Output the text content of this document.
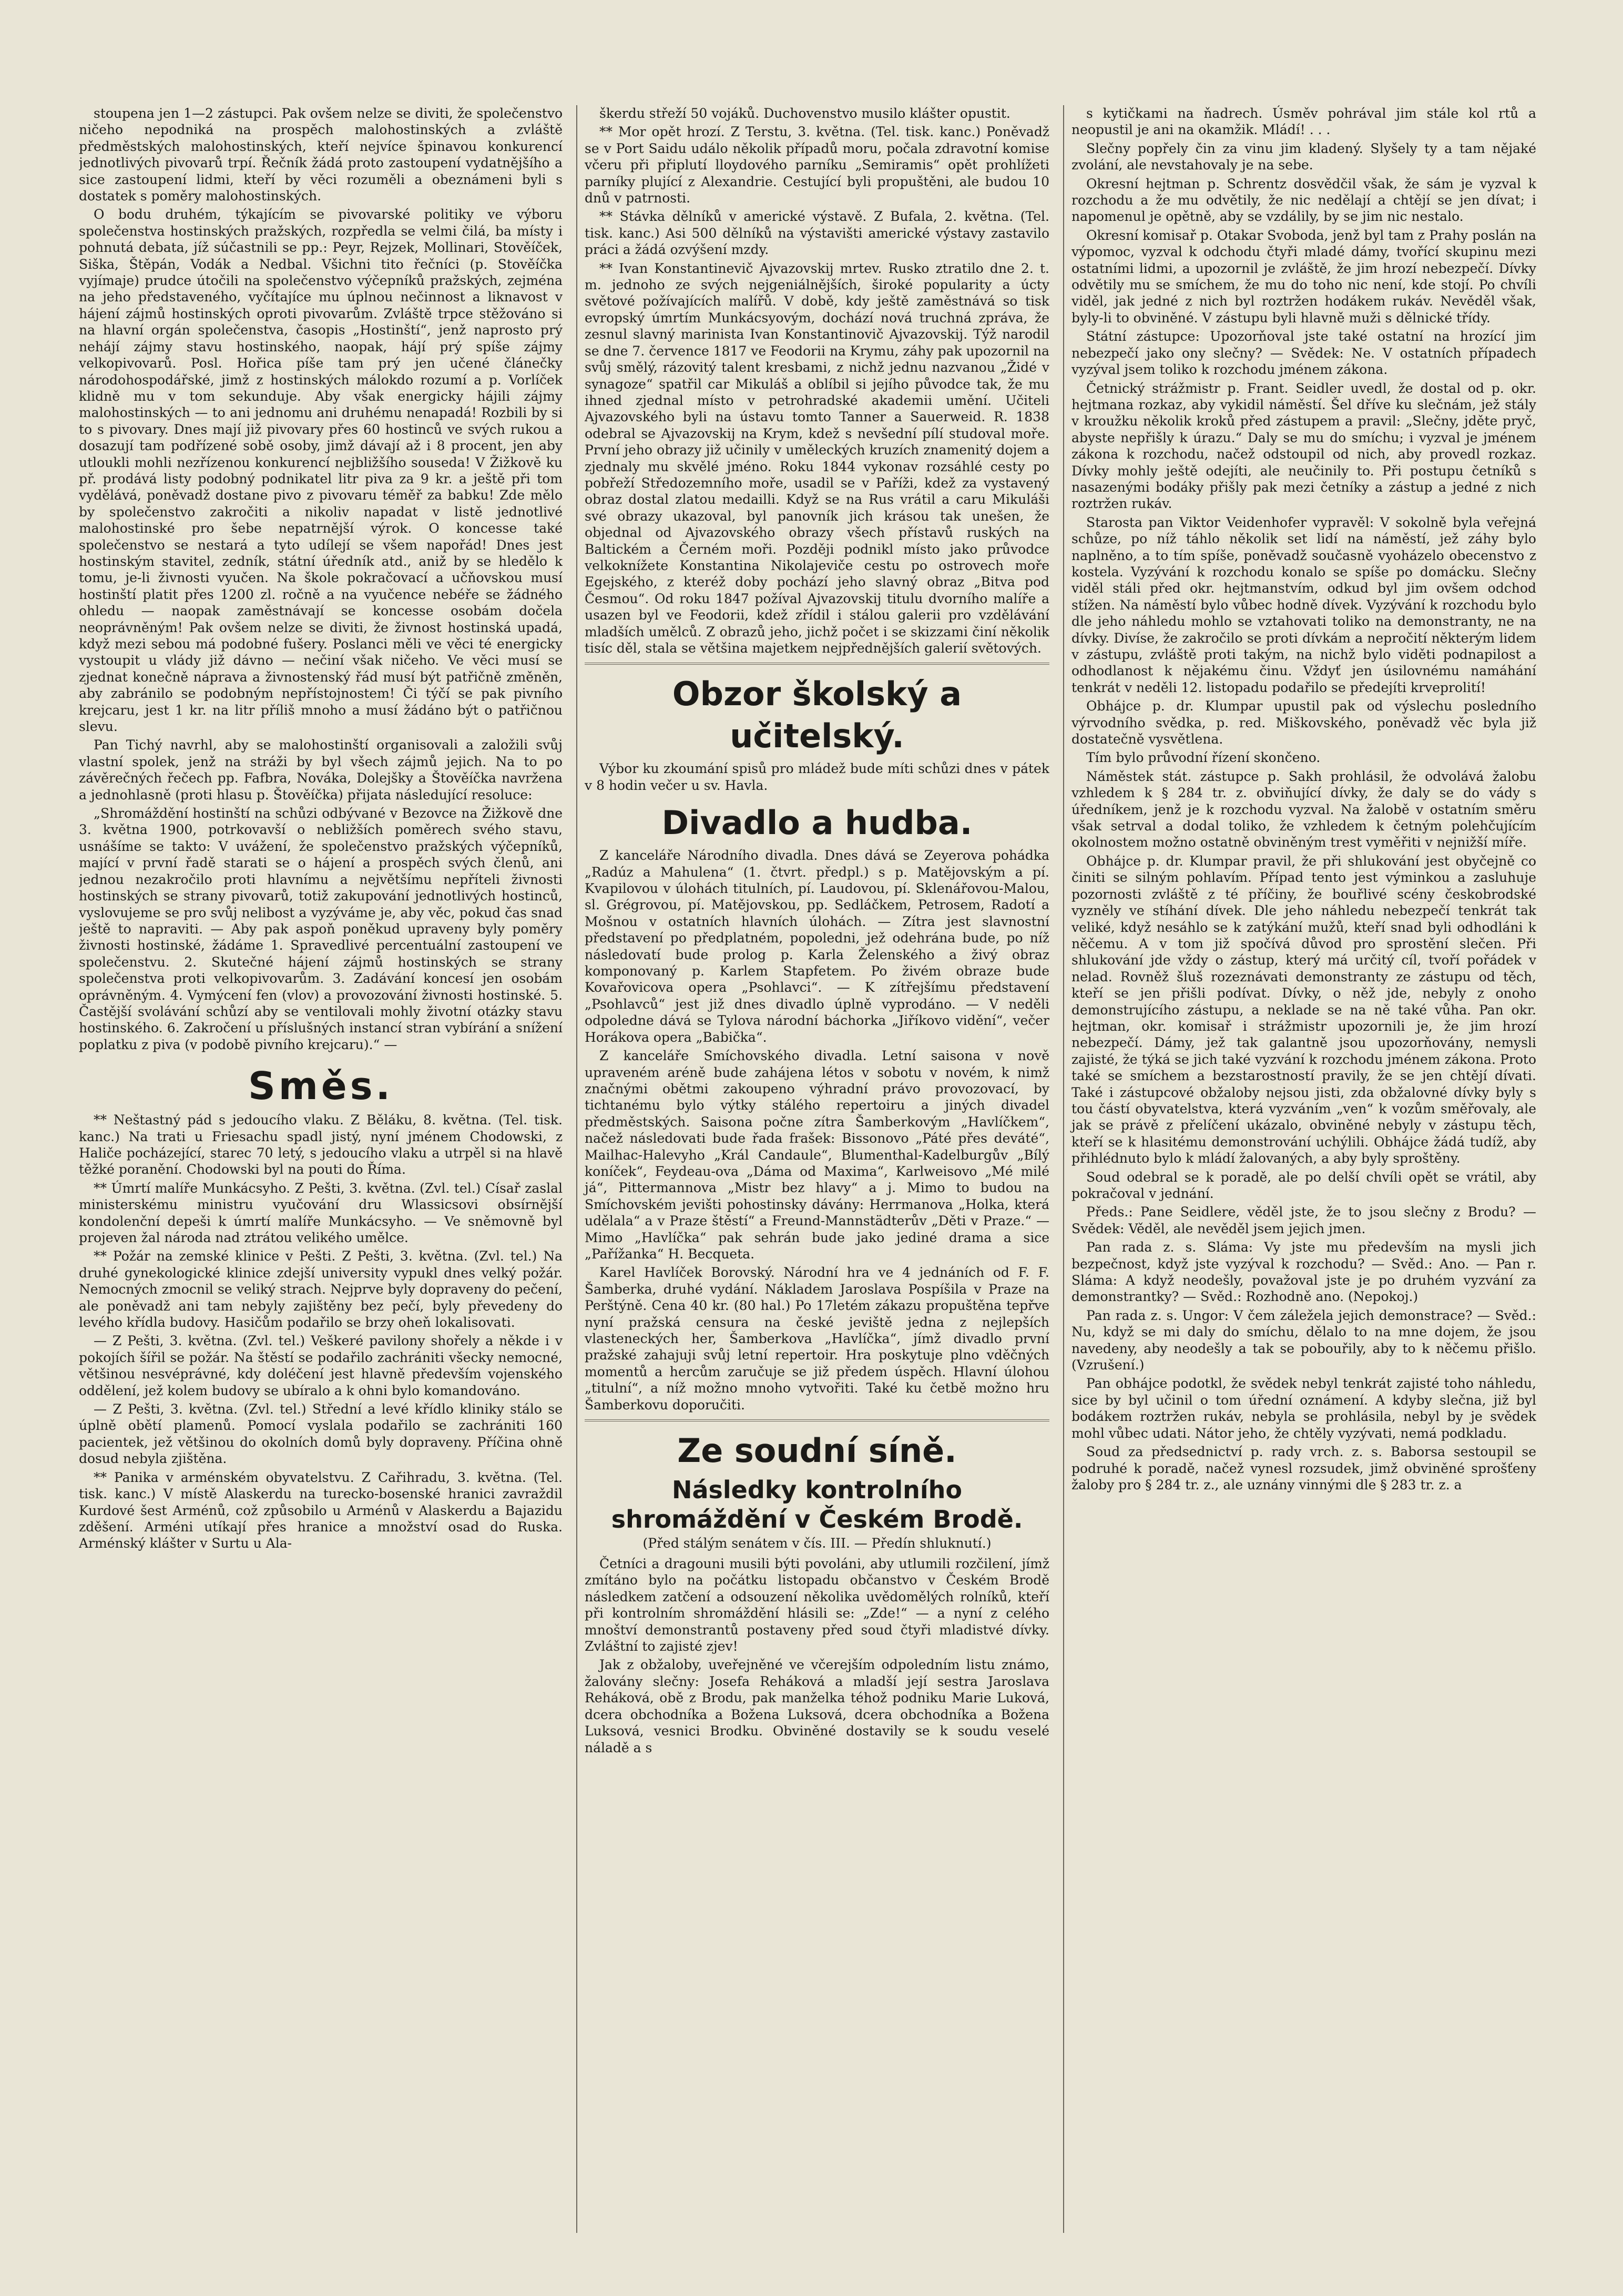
stoupena jen 1—2 zástupci. Pak ovšem nelze se diviti, že společenstvo ničeho nepodniká na prospěch malohostinských a zvláště předměstských malohostinských, kteří nejvíce špinavou konkurencí jednotlivých pivovarů trpí. Řečník žádá proto zastoupení vydatnějšího a sice zastoupení lidmi, kteří by věci rozuměli a obeznámeni byli s dostatek s poměry malohostinských.

O bodu druhém, týkajícím se pivovarské politiky ve výboru společenstva hostinských pražských, rozpředla se velmi čilá, ba místy i pohnutá debata, jíž súčastnili se pp.: Peyr, Rejzek, Mollinari, Stověíček, Siška, Štěpán, Vodák a Nedbal. Všichni tito řečníci (p. Stověíčka vyjímaje) prudce útočili na společenstvo výčepníků pražských, zejména na jeho představeného, vyčítajíce mu úplnou nečinnost a liknavost v hájení zájmů hostinských oproti pivovarům. Zvláště trpce stěžováno si na hlavní orgán společenstva, časopis „Hostinští“, jenž naprosto prý nehájí zájmy stavu hostinského, naopak, hájí prý spíše zájmy velkopivovarů. Posl. Hořica píše tam prý jen učené článečky národohospodářské, jimž z hostinských málokdo rozumí a p. Vorlíček klidně mu v tom sekunduje. Aby však energicky hájili zájmy malohostinských — to ani jednomu ani druhému nenapadá! Rozbili by si to s pivovary. Dnes mají již pivovary přes 60 hostinců ve svých rukou a dosazují tam podřízené sobě osoby, jimž dávají až i 8 procent, jen aby utloukli mohli nezřízenou konkurencí nejbližšího souseda! V Žižkově ku př. prodává listy podobný podnikatel litr piva za 9 kr. a ještě při tom vydělává, poněvadž dostane pivo z pivovaru téměř za babku! Zde mělo by společenstvo zakročiti a nikoliv napadat v listě jednotlivé malohostinské pro šebe nepatrnější výrok. O koncesse také společenstvo se nestará a tyto udílejí se všem napořád! Dnes jest hostinským stavitel, zedník, státní úředník atd., aniž by se hledělo k tomu, je-li živnosti vyučen. Na škole pokračovací a učňovskou musí hostinští platit přes 1200 zl. ročně a na vyučence nebéře se žádného ohledu — naopak zaměstnávají se koncesse osobám dočela neoprávněným! Pak ovšem nelze se diviti, že živnost hostinská upadá, když mezi sebou má podobné fušery. Poslanci měli ve věci té energicky vystoupit u vlády již dávno — nečiní však ničeho. Ve věci musí se zjednat konečně náprava a živnostenský řád musí být patřičně změněn, aby zabránilo se podobným nepřístojnostem! Či týčí se pak pivního krejcaru, jest 1 kr. na litr příliš mnoho a musí žádáno být o patřičnou slevu.

Pan Tichý navrhl, aby se malohostinští organisovali a založili svůj vlastní spolek, jenž na stráži by byl všech zájmů jejich. Na to po závěrečných řečech pp. Fafbra, Nováka, Dolejšky a Štověíčka navržena a jednohlasně (proti hlasu p. Štověíčka) přijata následující resoluce:

„Shromáždění hostinští na schůzi odbývané v Bezovce na Žižkově dne 3. května 1900, potrkovavší o nebližších poměrech svého stavu, usnášíme se takto: V uvážení, že společenstvo pražských výčepníků, mající v první řadě starati se o hájení a prospěch svých členů, ani jednou nezakročilo proti hlavnímu a největšímu nepříteli živnosti hostinských se strany pivovarů, totiž zakupování jednotlivých hostinců, vyslovujeme se pro svůj nelibost a vyzýváme je, aby věc, pokud čas snad ještě to napraviti. — Aby pak aspoň poněkud upraveny byly poměry živnosti hostinské, žádáme 1. Spravedlivé percentuální zastoupení ve společenstvu. 2. Skutečné hájení zájmů hostinských se strany společenstva proti velkopivovarům. 3. Zadávání koncesí jen osobám oprávněným. 4. Vymýcení fen (vlov) a provozování živnosti hostinské. 5. Častější svolávání schůzí aby se ventilovali mohly životní otázky stavu hostinského. 6. Zakročení u příslušných instancí stran vybírání a snížení poplatku z piva (v podobě pivního krejcaru).“ —

Směs.

** Neštastný pád s jedoucího vlaku. Z Běláku, 8. května. (Tel. tisk. kanc.) Na trati u Friesachu spadl jistý, nyní jménem Chodowski, z Haliče pocházející, starec 70 letý, s jedoucího vlaku a utrpěl si na hlavě těžké poranění. Chodowski byl na pouti do Říma.

** Úmrtí malíře Munkácsyho. Z Pešti, 3. května. (Zvl. tel.) Císař zaslal ministerskému ministru vyučování dru Wlassicsovi obsírnější kondolenční depeši k úmrtí malíře Munkácsyho. — Ve sněmovně byl projeven žal národa nad ztrátou velikého umělce.

** Požár na zemské klinice v Pešti. Z Pešti, 3. května. (Zvl. tel.) Na druhé gynekologické klinice zdejší university vypukl dnes velký požár. Nemocných zmocnil se veliký strach. Nejprve byly dopraveny do pečení, ale poněvadž ani tam nebyly zajištěny bez pečí, byly převedeny do levého křídla budovy. Hasičům podařilo se brzy oheň lokalisovati.

— Z Pešti, 3. května. (Zvl. tel.) Veškeré pavilony shořely a někde i v pokojích šířil se požár. Na štěstí se podařilo zachrániti všecky nemocné, většinou nesvéprávné, kdy doléčení jest hlavně především vojenského oddělení, jež kolem budovy se ubíralo a k ohni bylo komandováno.

— Z Pešti, 3. května. (Zvl. tel.) Střední a levé křídlo kliniky stálo se úplně obětí plamenů. Pomocí vyslala podařilo se zachrániti 160 pacientek, jež většinou do okolních domů byly dopraveny. Příčina ohně dosud nebyla zjištěna.

** Panika v arménském obyvatelstvu. Z Cařihradu, 3. května. (Tel. tisk. kanc.) V místě Alaskerdu na turecko-bosenské hranici zavraždil Kurdové šest Arménů, což způsobilo u Arménů v Alaskerdu a Bajazidu zděšení. Arméni utíkají přes hranice a množství osad do Ruska. Arménský klášter v Surtu u Ala-

škerdu střeží 50 vojáků. Duchovenstvo musilo klášter opustit.

** Mor opět hrozí. Z Terstu, 3. května. (Tel. tisk. kanc.) Poněvadž se v Port Saidu událo několik případů moru, počala zdravotní komise včeru při připlutí lloydového parníku „Semiramis“ opět prohlížeti parníky plující z Alexandrie. Cestující byli propuštěni, ale budou 10 dnů v patrnosti.

** Stávka dělníků v americké výstavě. Z Bufala, 2. května. (Tel. tisk. kanc.) Asi 500 dělníků na výstavišti americké výstavy zastavilo práci a žádá ozvýšení mzdy.

** Ivan Konstantinevič Ajvazovskij mrtev. Rusko ztratilo dne 2. t. m. jednoho ze svých nejgeniálnějších, široké popularity a úcty světové požívajících malířů. V době, kdy ještě zaměstnává so tisk evropský úmrtím Munkácsyovým, dochází nová truchná zpráva, že zesnul slavný marinista Ivan Konstantinovič Ajvazovskij. Týž narodil se dne 7. července 1817 ve Feodorii na Krymu, záhy pak upozornil na svůj smělý, rázovitý talent kresbami, z nichž jednu nazvanou „Židé v synagoze“ spatřil car Mikuláš a oblíbil si jejího původce tak, že mu ihned zjednal místo v petrohradské akademii umění. Učiteli Ajvazovského byli na ústavu tomto Tanner a Sauerweid. R. 1838 odebral se Ajvazovskij na Krym, kdež s nevšední pílí studoval moře. První jeho obrazy již učinily v uměleckých kruzích znamenitý dojem a zjednaly mu skvělé jméno. Roku 1844 vykonav rozsáhlé cesty po pobřeží Středozemního moře, usadil se v Paříži, kdež za vystavený obraz dostal zlatou medailli. Když se na Rus vrátil a caru Mikuláši své obrazy ukazoval, byl panovník jich krásou tak unešen, že objednal od Ajvazovského obrazy všech přístavů ruských na Baltickém a Černém moři. Později podnikl místo jako průvodce velkoknížete Konstantina Nikolajeviče cestu po ostrovech moře Egejského, z kteréž doby pochází jeho slavný obraz „Bitva pod Česmou“. Od roku 1847 požíval Ajvazovskij titulu dvorního malíře a usazen byl ve Feodorii, kdež zřídil i stálou galerii pro vzdělávání mladších umělců. Z obrazů jeho, jichž počet i se skizzami činí několik tisíc děl, stala se většina majetkem nejpřednějších galerií světových.

Obzor školský a učitelský.

Výbor ku zkoumání spisů pro mládež bude míti schůzi dnes v pátek v 8 hodin večer u sv. Havla.

Divadlo a hudba.

Z kanceláře Národního divadla. Dnes dává se Zeyerova pohádka „Radúz a Mahulena“ (1. čtvrt. předpl.) s p. Matějovským a pí. Kvapilovou v úlohách titulních, pí. Laudovou, pí. Sklenářovou-Malou, sl. Grégrovou, pí. Matějovskou, pp. Sedláčkem, Petrosem, Radotí a Mošnou v ostatních hlavních úlohách. — Zítra jest slavnostní představení po předplatném, popoledni, jež odehrána bude, po níž následovatí bude prolog p. Karla Želenského a živý obraz komponovaný p. Karlem Stapfetem. Po živém obraze bude Kovařovicova opera „Psohlavci“. — K zítřejšímu představení „Psohlavců“ jest již dnes divadlo úplně vyprodáno. — V neděli odpoledne dává se Tylova národní báchorka „Jiříkovo vidění“, večer Horákova opera „Babička“.

Z kanceláře Smíchovského divadla. Letní saisona v nově upraveném aréně bude zahájena létos v sobotu v novém, k nimž značnými obětmi zakoupeno výhradní právo provozovací, by tichtanému bylo výtky stálého repertoiru a jiných divadel předměstských. Saisona počne zítra Šamberkovým „Havlíčkem“, načež následovati bude řada frašek: Bissonovo „Páté přes deváté“, Mailhac-Halevyho „Král Candaule“, Blumenthal-Kadelburgův „Bílý koníček“, Feydeau-ova „Dáma od Maxima“, Karlweisovo „Mé milé já“, Pittermannova „Mistr bez hlavy“ a j. Mimo to budou na Smíchovském jevišti pohostinsky dávány: Herrmanova „Holka, která udělala“ a v Praze štěstí“ a Freund-Mannstädterův „Děti v Praze.“ — Mimo „Havlíčka“ pak sehrán bude jako jediné drama a sice „Pařížanka“ H. Becqueta.

Karel Havlíček Borovský. Národní hra ve 4 jednáních od F. F. Šamberka, druhé vydání. Nákladem Jaroslava Pospíšila v Praze na Perštýně. Cena 40 kr. (80 hal.) Po 17letém zákazu propuštěna tepřve nyní pražská censura na české jeviště jedna z nejlepších vlasteneckých her, Šamberkova „Havlíčka“, jímž divadlo první pražské zahajuji svůj letní repertoir. Hra poskytuje plno vděčných momentů a hercům zaručuje se již předem úspěch. Hlavní úlohou „titulní“, a níž možno mnoho vytvořiti. Také ku četbě možno hru Šamberkovu doporučiti.

Ze soudní síně.
Následky kontrolního shromáždění v Českém Brodě.
(Před stálým senátem v čís. III. — Předín shluknutí.)

Četníci a dragouni musili býti povoláni, aby utlumili rozčilení, jímž zmítáno bylo na počátku listopadu občanstvo v Českém Brodě následkem zatčení a odsouzení několika uvědomělých rolníků, kteří při kontrolním shromáždění hlásili se: „Zde!“ — a nyní z celého mnoštví demonstrantů postaveny před soud čtyři mladistvé dívky. Zvláštní to zajisté zjev!

Jak z obžaloby, uveřejněné ve včerejším odpoledním listu známo, žalovány slečny: Josefa Reháková a mladší její sestra Jaroslava Reháková, obě z Brodu, pak manželka téhož podniku Marie Luková, dcera obchodníka a Božena Luksová, dcera obchodníka a Božena Luksová, vesnici Brodku. Obviněné dostavily se k soudu veselé náladě a s

s kytičkami na ňadrech. Úsměv pohrával jim stále kol rtů a neopustil je ani na okamžik. Mládí! . . .

Slečny popřely čin za vinu jim kladený. Slyšely ty a tam nějaké zvolání, ale nevstahovaly je na sebe.

Okresní hejtman p. Schrentz dosvědčil však, že sám je vyzval k rozchodu a že mu odvětily, že nic nedělají a chtějí se jen dívat; i napomenul je opětně, aby se vzdálily, by se jim nic nestalo.

Okresní komisař p. Otakar Svoboda, jenž byl tam z Prahy poslán na výpomoc, vyzval k odchodu čtyři mladé dámy, tvořící skupinu mezi ostatními lidmi, a upozornil je zvláště, že jim hrozí nebezpečí. Dívky odvětily mu se smíchem, že mu do toho nic není, kde stojí. Po chvíli viděl, jak jedné z nich byl roztržen hodákem rukáv. Nevěděl však, byly-li to obviněné. V zástupu byli hlavně muži s dělnické třídy.

Státní zástupce: Upozorňoval jste také ostatní na hrozící jim nebezpečí jako ony slečny? — Svědek: Ne. V ostatních případech vyzýval jsem toliko k rozchodu jménem zákona.

Četnický strážmistr p. Frant. Seidler uvedl, že dostal od p. okr. hejtmana rozkaz, aby vykidil náměstí. Šel dříve ku slečnám, jež stály v kroužku několik kroků před zástupem a pravil: „Slečny, jděte pryč, abyste nepřišly k úrazu.“ Daly se mu do smíchu; i vyzval je jménem zákona k rozchodu, načež odstoupil od nich, aby provedl rozkaz. Dívky mohly ještě odejíti, ale neučinily to. Při postupu četníků s nasazenými bodáky přišly pak mezi četníky a zástup a jedné z nich roztržen rukáv.

Starosta pan Viktor Veidenhofer vypravěl: V sokolně byla veřejná schůze, po níž táhlo několik set lidí na náměstí, jež záhy bylo naplněno, a to tím spíše, poněvadž současně vyoházelo obecenstvo z kostela. Vyzývání k rozchodu konalo se spíše po domácku. Slečny viděl stáli před okr. hejtmanstvím, odkud byl jim ovšem odchod stížen. Na náměstí bylo vůbec hodně dívek. Vyzývání k rozchodu bylo dle jeho náhledu mohlo se vztahovati toliko na demonstranty, ne na dívky. Divíse, že zakročilo se proti dívkám a nepročití některým lidem v zástupu, zvláště proti takým, na nichž bylo viděti podnapilost a odhodlanost k nějakému činu. Vždyť jen úsilovnému namáhání tenkrát v neděli 12. listopadu podařilo se předejíti krveprolití!

Obhájce p. dr. Klumpar upustil pak od výslechu posledního výrvodního svědka, p. red. Miškovského, poněvadž věc byla již dostatečně vysvětlena.

Tím bylo průvodní řízení skončeno.

Náměstek stát. zástupce p. Sakh prohlásil, že odvolává žalobu vzhledem k § 284 tr. z. obviňující dívky, že daly se do vády s úředníkem, jenž je k rozchodu vyzval. Na žalobě v ostatním směru však setrval a dodal toliko, že vzhledem k četným polehčujícím okolnostem možno ostatně obviněným trest vyměřiti v nejnižší míře.

Obhájce p. dr. Klumpar pravil, že při shlukování jest obyčejně co činiti se silným pohlavím. Případ tento jest výminkou a zasluhuje pozornosti zvláště z té příčiny, že bouřlivé scény českobrodské vyzněly ve stíhání dívek. Dle jeho náhledu nebezpečí tenkrát tak veliké, když nesáhlo se k zatýkání mužů, kteří snad byli odhodláni k něčemu. A v tom již spočívá důvod pro sprostění slečen. Při shlukování jde vždy o zástup, který má určitý cíl, tvoří pořádek v nelad. Rovněž šluš rozeznávati demonstranty ze zástupu od těch, kteří se jen přišli podívat. Dívky, o něž jde, nebyly z onoho demonstrujícího zástupu, a neklade se na ně také vůha. Pan okr. hejtman, okr. komisař i strážmistr upozornili je, že jim hrozí nebezpečí. Dámy, jež tak galantně jsou upozorňovány, nemysli zajisté, že týká se jich také vyzvání k rozchodu jménem zákona. Proto také se smíchem a bezstarostností pravily, že se jen chtějí dívati. Také i zástupcové obžaloby nejsou jisti, zda obžalovné dívky byly s tou částí obyvatelstva, která vyzváním „ven“ k vozům směřovaly, ale jak se právě z přelíčení ukázalo, obviněné nebyly v zástupu těch, kteří se k hlasitému demonstrování uchýlili. Obhájce žádá tudíž, aby přihlédnuto bylo k mládí žalovaných, a aby byly sproštěny.

Soud odebral se k poradě, ale po delší chvíli opět se vrátil, aby pokračoval v jednání.

Předs.: Pane Seidlere, věděl jste, že to jsou slečny z Brodu? — Svědek: Věděl, ale nevěděl jsem jejich jmen.

Pan rada z. s. Sláma: Vy jste mu především na mysli jich bezpečnost, když jste vyzýval k rozchodu? — Svěd.: Ano. — Pan r. Sláma: A když neodešly, považoval jste je po druhém vyzvání za demonstrantky? — Svěd.: Rozhodně ano. (Nepokoj.)

Pan rada z. s. Ungor: V čem záležela jejich demonstrace? — Svěd.: Nu, když se mi daly do smíchu, dělalo to na mne dojem, že jsou navedeny, aby neodešly a tak se pobouřily, aby to k něčemu přišlo. (Vzrušení.)

Pan obhájce podotkl, že svědek nebyl tenkrát zajisté toho náhledu, sice by byl učinil o tom úřední oznámení. A kdyby slečna, již byl bodákem roztržen rukáv, nebyla se prohlásila, nebyl by je svědek mohl vůbec udati. Nátor jeho, že chtěly vyzývati, nemá podkladu.

Soud za předsednictví p. rady vrch. z. s. Baborsa sestoupil se podruhé k poradě, načež vynesl rozsudek, jimž obviněné sprošťeny žaloby pro § 284 tr. z., ale uznány vinnými dle § 283 tr. z. a
